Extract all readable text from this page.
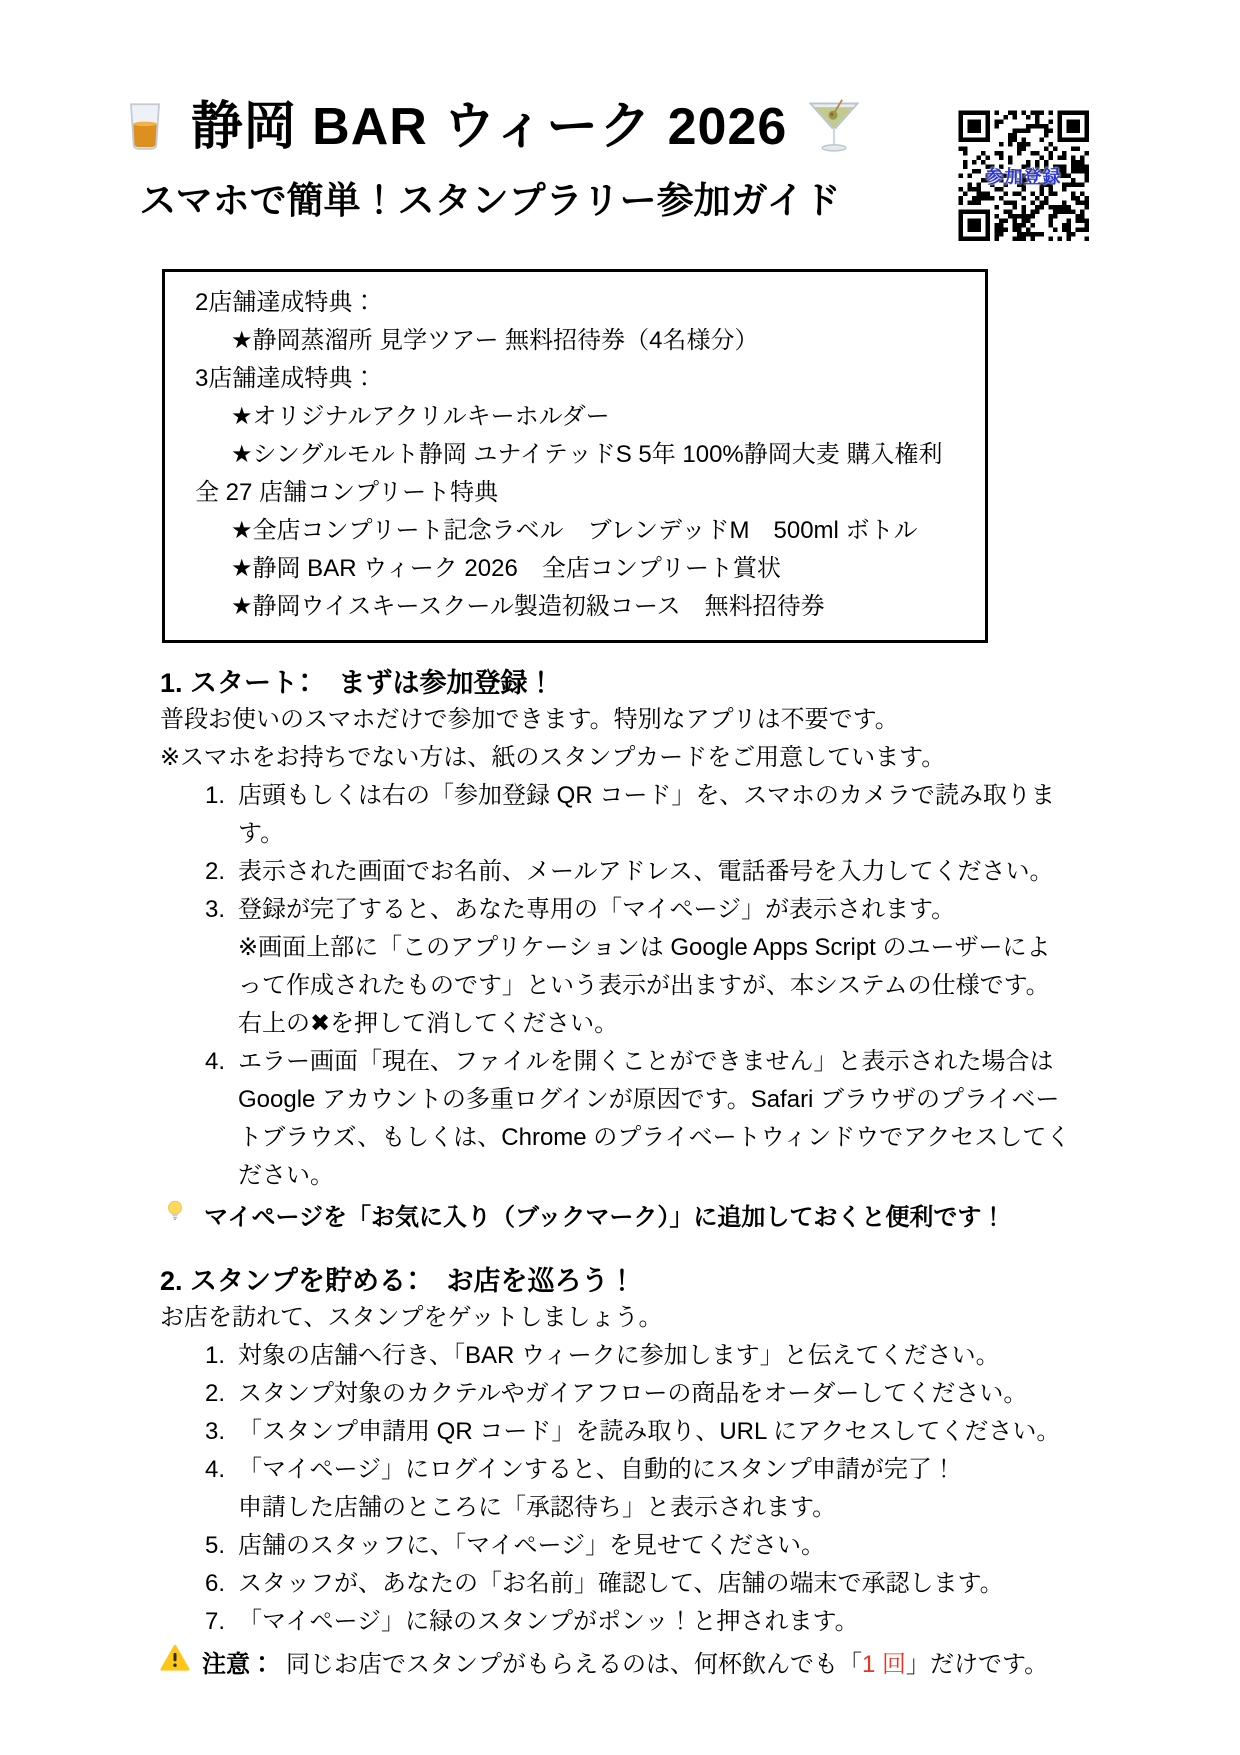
参加登録
静岡 BAR ウィーク 2026
スマホで簡単！スタンプラリー参加ガイド
2店舗達成特典：
★静岡蒸溜所 見学ツアー 無料招待券（4名様分）
3店舗達成特典：
★オリジナルアクリルキーホルダー
★シングルモルト静岡 ユナイテッドS 5年 100%静岡大麦 購入権利
全 27 店舗コンプリート特典
★全店コンプリート記念ラベル　ブレンデッドM　500ml ボトル
★静岡 BAR ウィーク 2026　全店コンプリート賞状
★静岡ウイスキースクール製造初級コース　無料招待券
1. スタート：　まずは参加登録！

普段お使いのスマホだけで参加できます。特別なアプリは不要です。

※スマホをお持ちでない方は、紙のスタンプカードをご用意しています。

1. 店頭もしくは右の「参加登録 QR コード」を、スマホのカメラで読み取りま
す。
2. 表示された画面でお名前、メールアドレス、電話番号を入力してください。
3. 登録が完了すると、あなた専用の「マイページ」が表示されます。
※画面上部に「このアプリケーションは Google Apps Script のユーザーによ
って作成されたものです」という表示が出ますが、本システムの仕様です。
右上の✖を押して消してください。
4. エラー画面「現在、ファイルを開くことができません」と表示された場合は
Google アカウントの多重ログインが原因です。Safari ブラウザのプライベー
トブラウズ、もしくは、Chrome のプライベートウィンドウでアクセスしてく
ださい。
マイページを「お気に入り（ブックマーク）」に追加しておくと便利です！
2. スタンプを貯める：　お店を巡ろう！

お店を訪れて、スタンプをゲットしましょう。

1. 対象の店舗へ行き、「BAR ウィークに参加します」と伝えてください。
2. スタンプ対象のカクテルやガイアフローの商品をオーダーしてください。
3. 「スタンプ申請用 QR コード」を読み取り、URL にアクセスしてください。
4. 「マイページ」にログインすると、自動的にスタンプ申請が完了！
申請した店舗のところに「承認待ち」と表示されます。
5. 店舗のスタッフに、「マイページ」を見せてください。
6. スタッフが、あなたの「お名前」確認して、店舗の端末で承認します。
7. 「マイページ」に緑のスタンプがポンッ！と押されます。
注意： 同じお店でスタンプがもらえるのは、何杯飲んでも「1 回」だけです。
